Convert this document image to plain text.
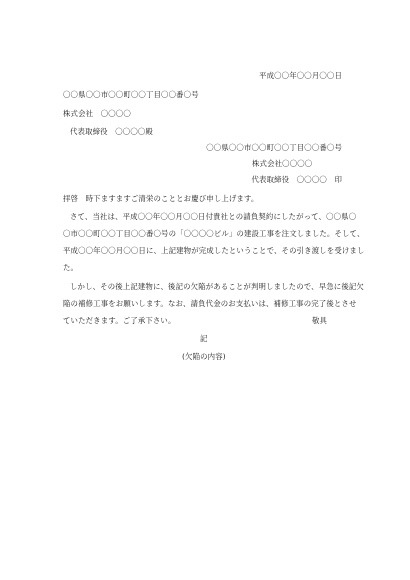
平成〇〇年〇〇月〇〇日
〇〇県〇〇市〇〇町〇〇丁目〇〇番〇号
株式会社　〇〇〇〇
代表取締役　〇〇〇〇殿
〇〇県〇〇市〇〇町〇〇丁目〇〇番〇号
株式会社〇〇〇〇
代表取締役　〇〇〇〇　印
拝啓　時下ますますご清栄のこととお慶び申し上げます。
さて、当社は、平成〇〇年〇〇月〇〇日付貴社との請負契約にしたがって、〇〇県〇
〇市〇〇町〇〇丁目〇〇番〇号の「〇〇〇〇ビル」の建設工事を注文しました。そして、
平成〇〇年〇〇月〇〇日に、上記建物が完成したということで、その引き渡しを受けまし
た。
しかし、その後上記建物に、後記の欠陥があることが判明しましたので、早急に後記欠
陥の補修工事をお願いします。なお、請負代金のお支払いは、補修工事の完了後とさせ
ていただきます。ご了承下さい。	敬具
記
(欠陥の内容)
